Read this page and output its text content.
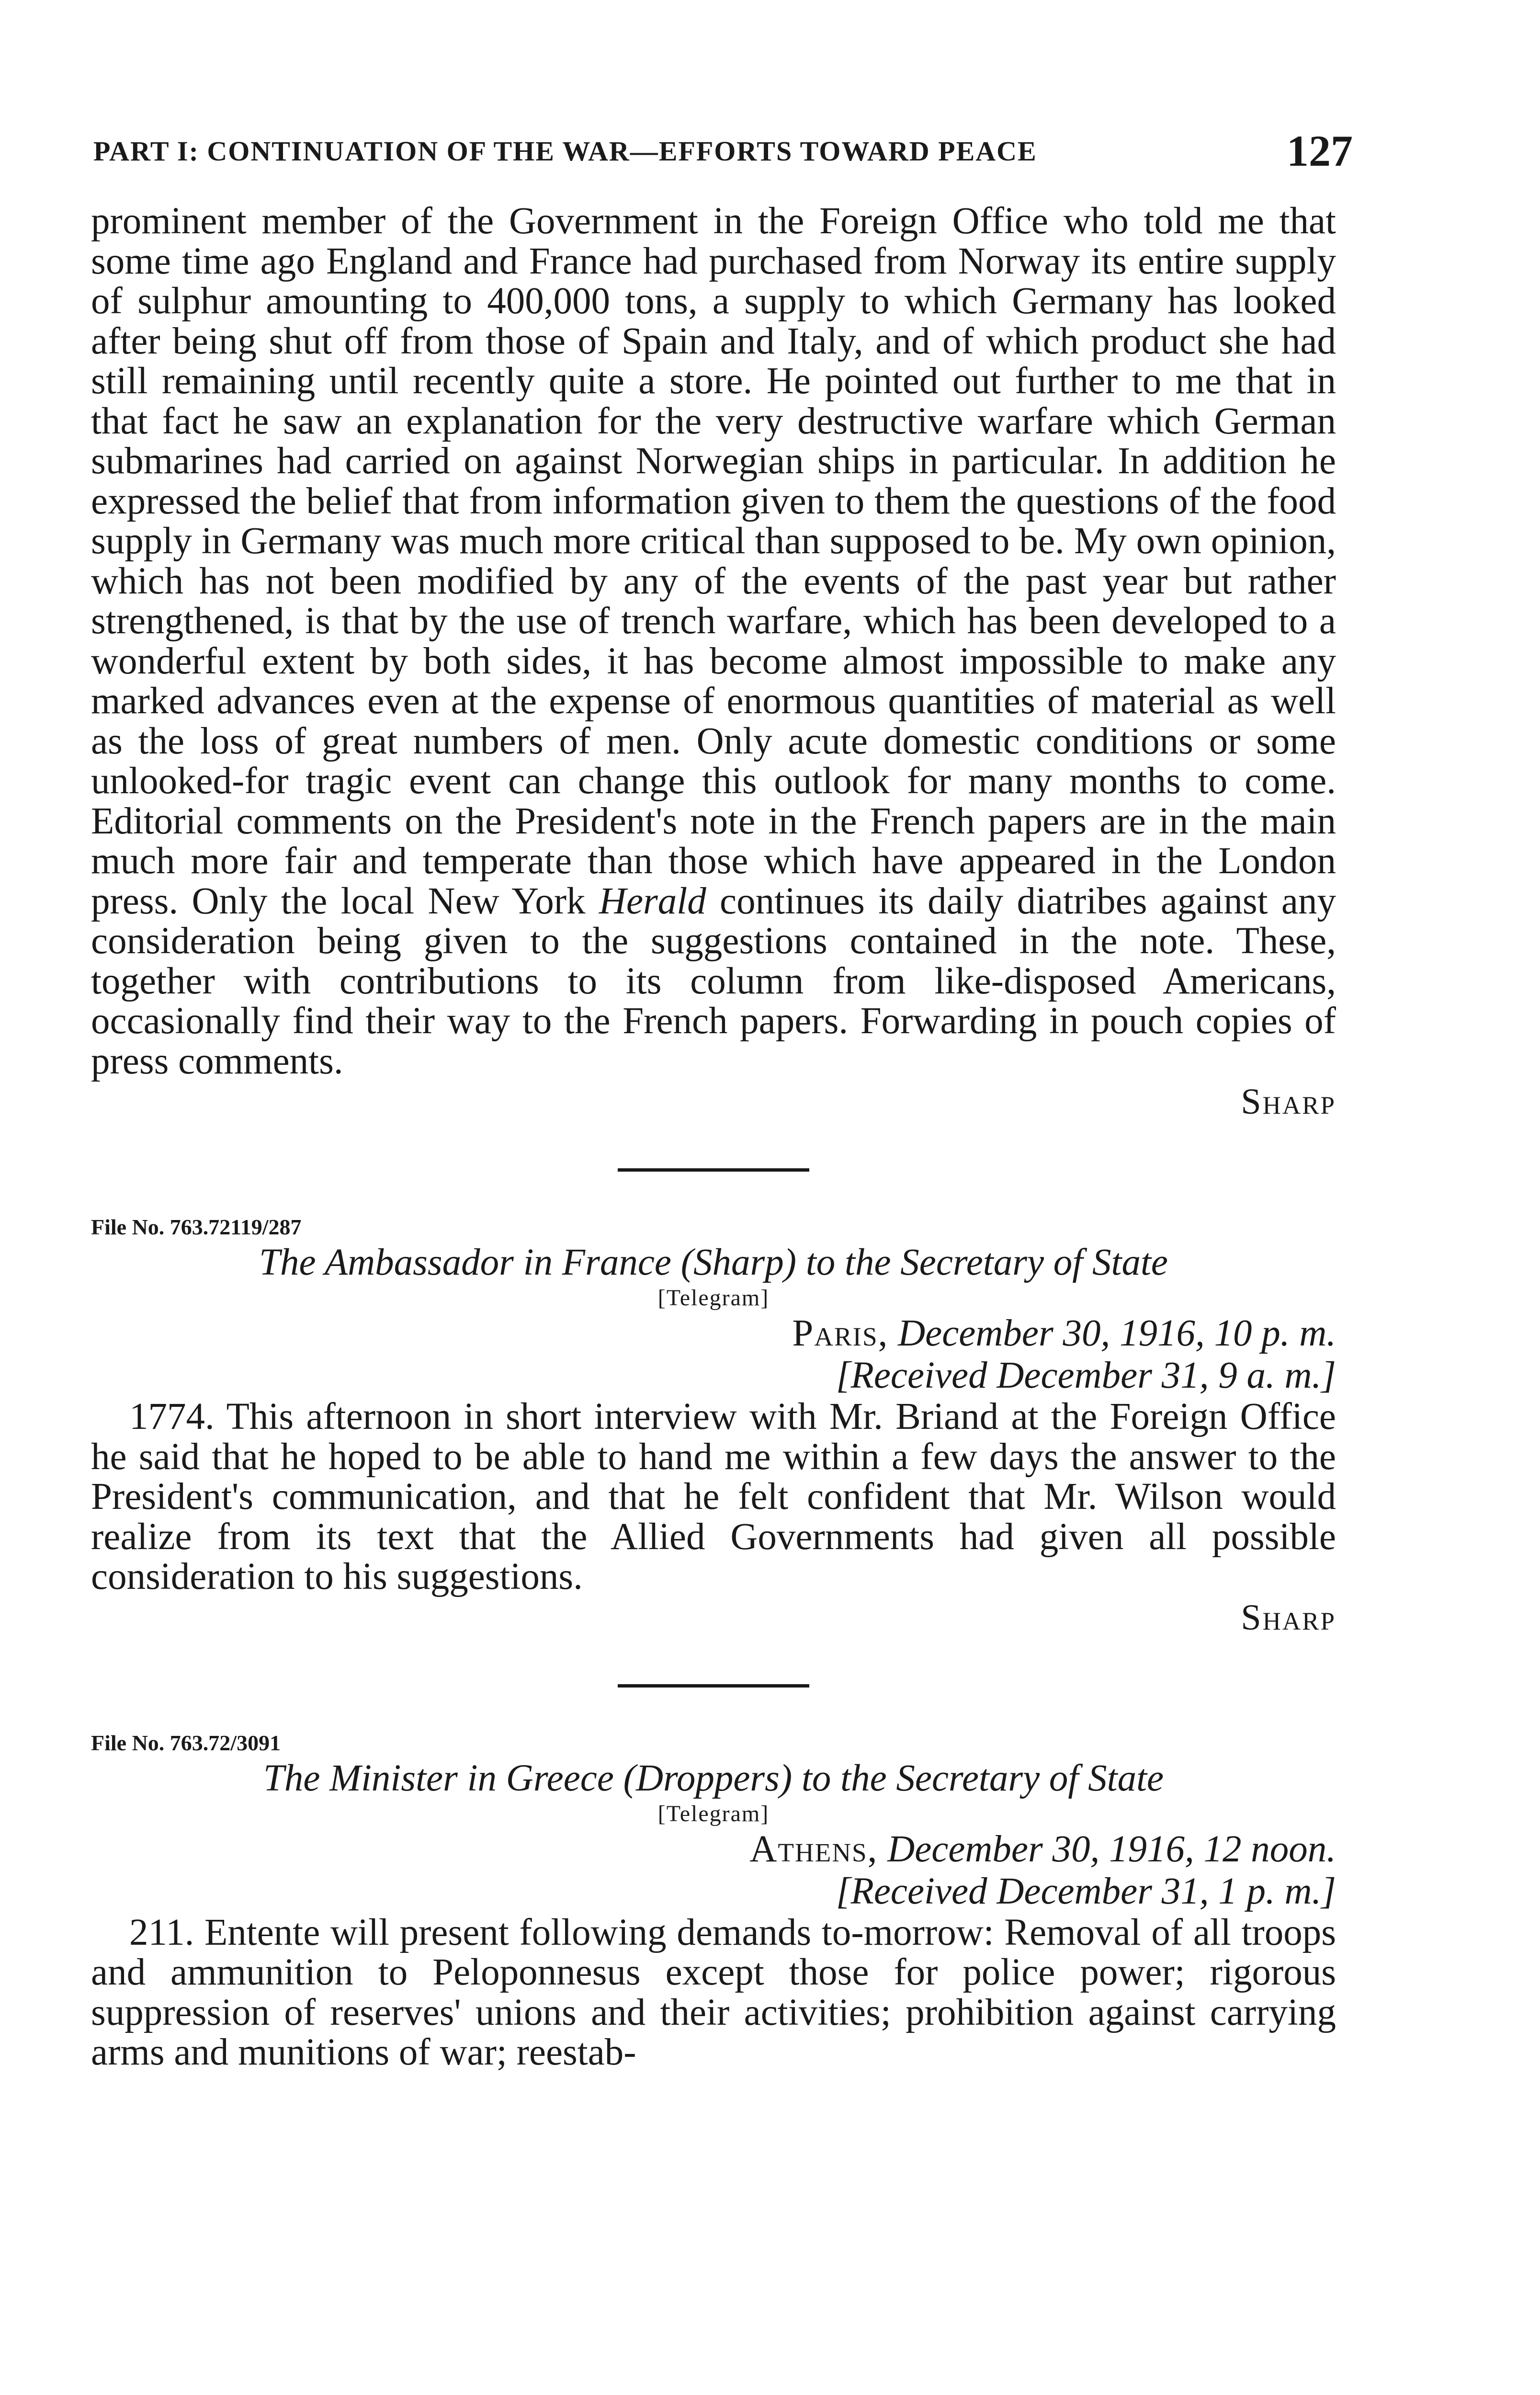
PART I: CONTINUATION OF THE WAR—EFFORTS TOWARD PEACE	127

prominent member of the Government in the Foreign Office who told me that some time ago England and France had purchased from Norway its entire supply of sulphur amounting to 400,000 tons, a supply to which Germany has looked after being shut off from those of Spain and Italy, and of which product she had still remaining until recently quite a store. He pointed out further to me that in that fact he saw an explanation for the very destructive warfare which German submarines had carried on against Norwegian ships in particular. In addition he expressed the belief that from information given to them the questions of the food supply in Germany was much more critical than supposed to be. My own opinion, which has not been modified by any of the events of the past year but rather strengthened, is that by the use of trench warfare, which has been developed to a wonderful extent by both sides, it has become almost impossible to make any marked advances even at the expense of enormous quantities of material as well as the loss of great numbers of men. Only acute domestic conditions or some unlooked-for tragic event can change this outlook for many months to come. Editorial comments on the President's note in the French papers are in the main much more fair and temperate than those which have appeared in the London press. Only the local New York Herald continues its daily diatribes against any consideration being given to the suggestions contained in the note. These, together with contributions to its column from like-disposed Americans, occasionally find their way to the French papers. Forwarding in pouch copies of press comments.

Sharp

File No. 763.72119/287

The Ambassador in France (Sharp) to the Secretary of State

[Telegram]

Paris, December 30, 1916, 10 p. m.

[Received December 31, 9 a. m.]

1774. This afternoon in short interview with Mr. Briand at the Foreign Office he said that he hoped to be able to hand me within a few days the answer to the President's communication, and that he felt confident that Mr. Wilson would realize from its text that the Allied Governments had given all possible consideration to his suggestions.

Sharp

File No. 763.72/3091

The Minister in Greece (Droppers) to the Secretary of State

[Telegram]

Athens, December 30, 1916, 12 noon.

[Received December 31, 1 p. m.]

211. Entente will present following demands to-morrow: Removal of all troops and ammunition to Peloponnesus except those for police power; rigorous suppression of reserves' unions and their activities; prohibition against carrying arms and munitions of war; reestab-
